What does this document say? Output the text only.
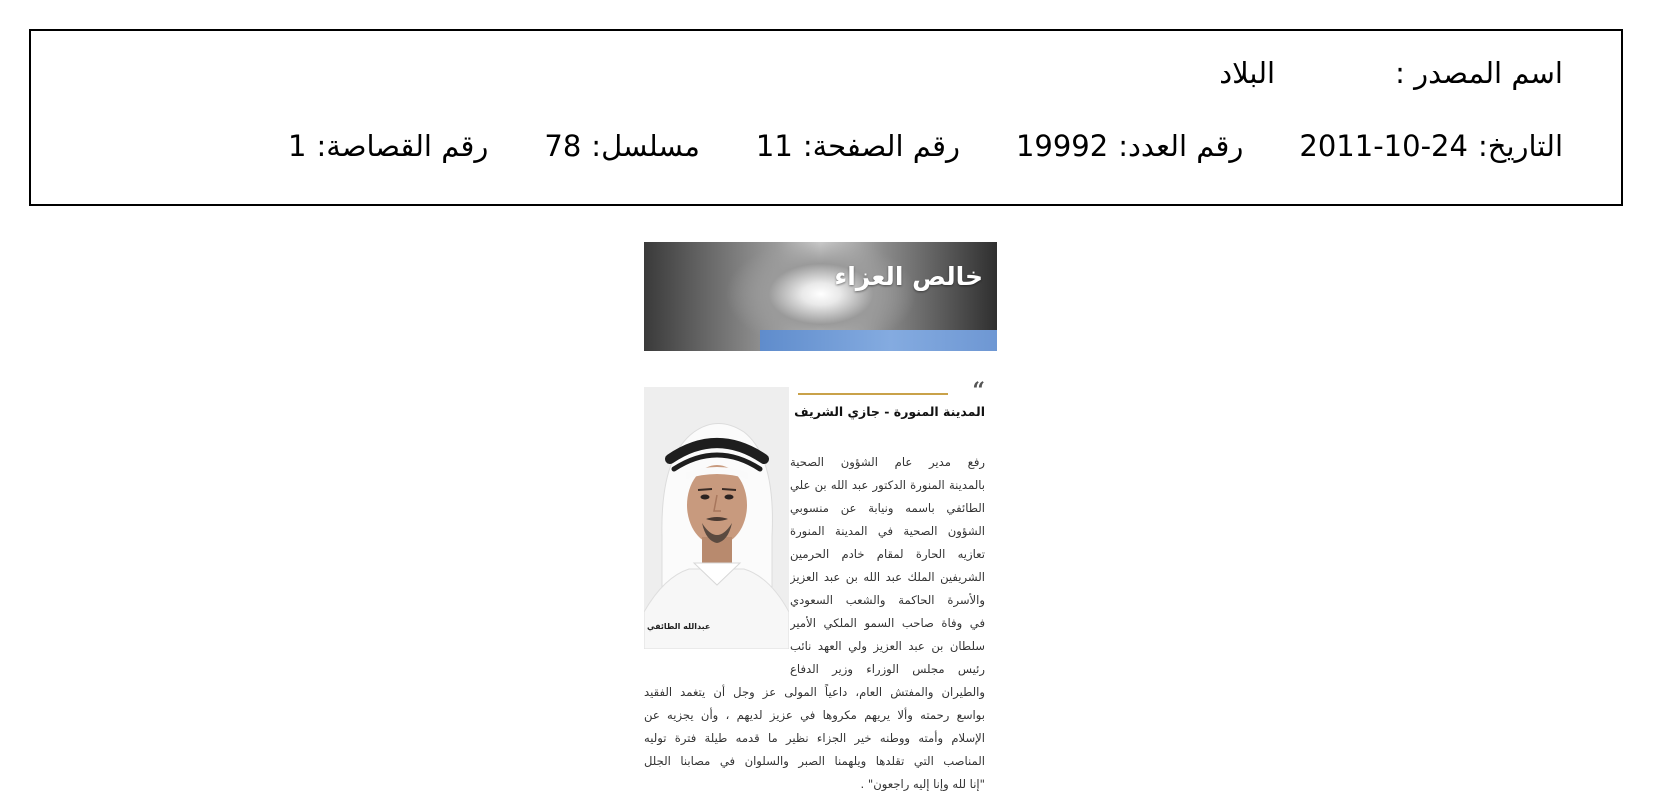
اسم المصدر :
البلاد
التاريخ:
2011-10-24
رقم العدد:
19992
رقم الصفحة:
11
مسلسل:
78
رقم القصاصة:
1
خالص العزاء
“
المدينة المنورة - جازي الشريف
عبدالله الطائفي
رفع مدير عام الشؤون الصحية
بالمدينة المنورة الدكتور عبد الله بن علي
الطائفي باسمه ونيابة عن منسوبي
الشؤون الصحية في المدينة المنورة
تعازيه الحارة لمقام خادم الحرمين
الشريفين الملك عبد الله بن عبد العزيز
والأسرة الحاكمة والشعب السعودي
في وفاة صاحب السمو الملكي الأمير
سلطان بن عبد العزيز ولي العهد نائب
رئيس مجلس الوزراء وزير الدفاع
والطيران والمفتش العام، داعياً المولى عز وجل أن يتغمد الفقيد
بواسع رحمته وألا يريهم مكروها في عزيز لديهم ، وأن يجزيه عن
الإسلام وأمته ووطنه خير الجزاء نظير ما قدمه طيلة فترة توليه
المناصب التي تقلدها ويلهمنا الصبر والسلوان في مصابنا الجلل
"إنا لله وإنا إليه راجعون" .
